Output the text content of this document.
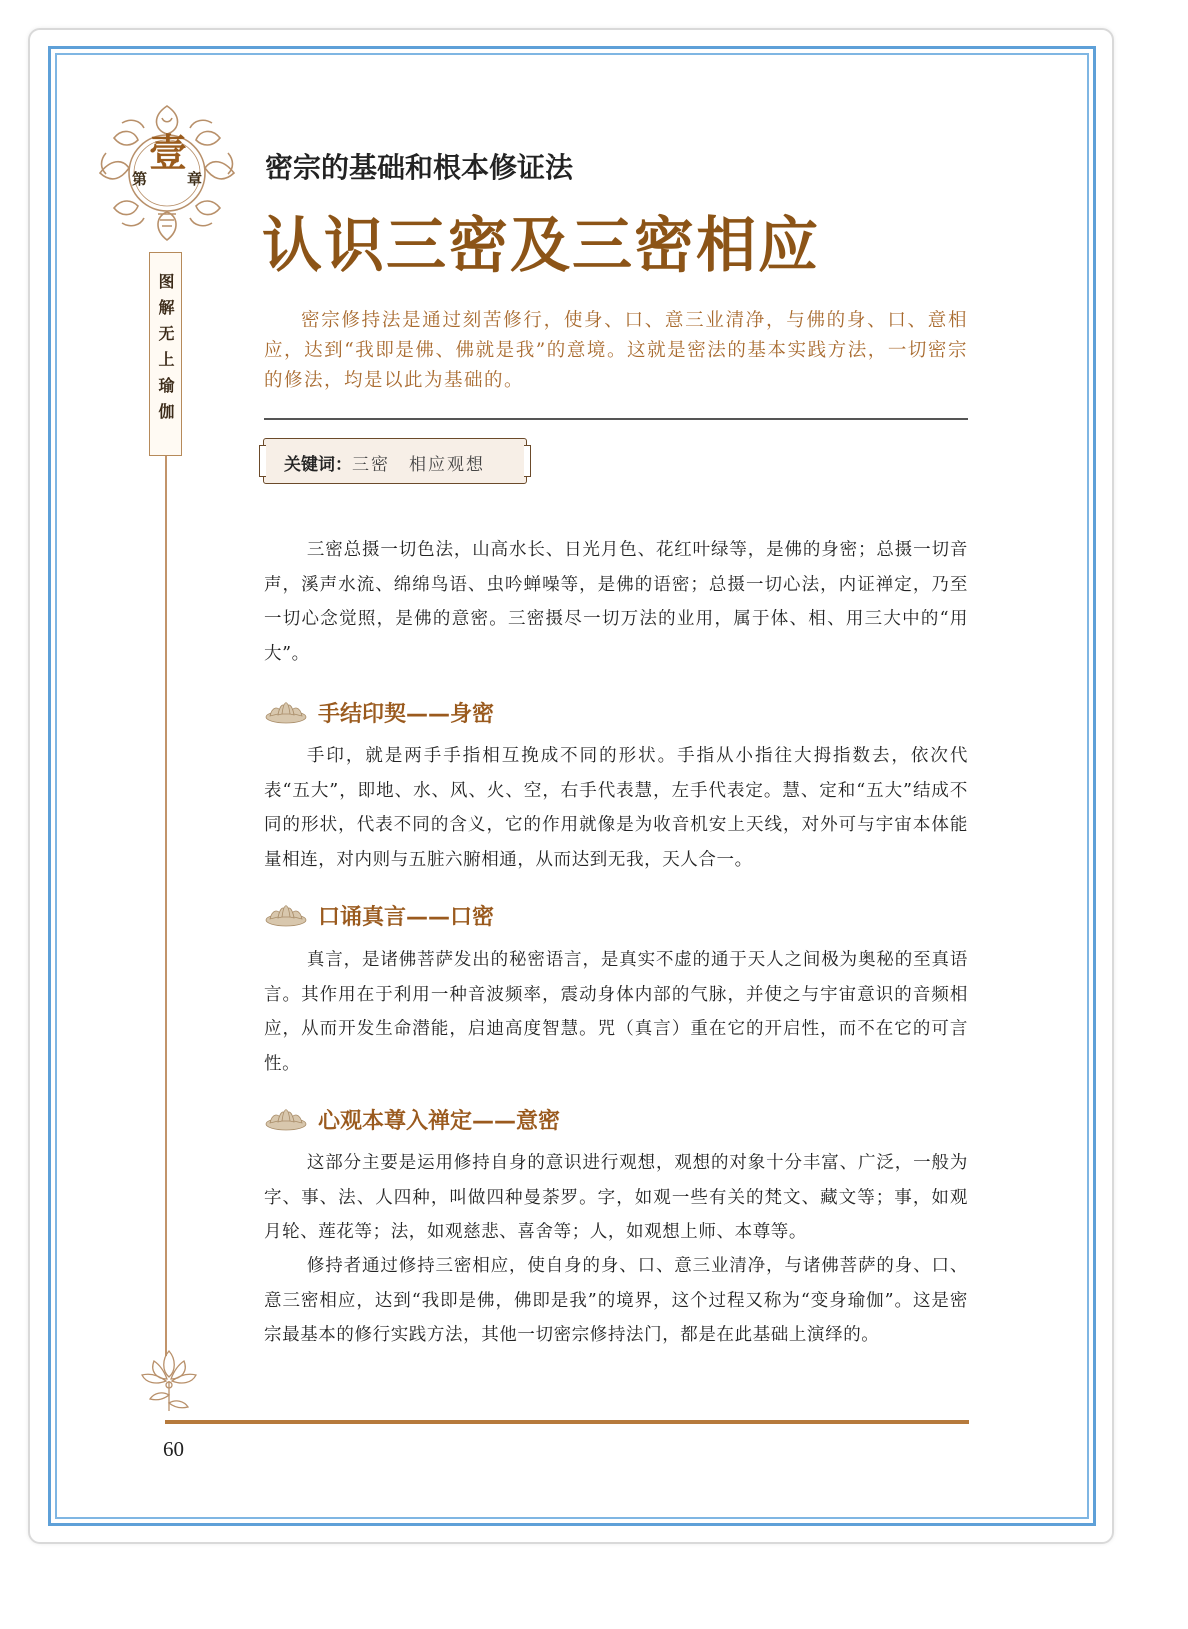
第
壹
章
图解无上瑜伽
密宗的基础和根本修证法
认识三密及三密相应
密宗修持法是通过刻苦修行，使身、口、意三业清净，与佛的身、口、意相应，达到“我即是佛、佛就是我”的意境。这就是密法的基本实践方法，一切密宗的修法，均是以此为基础的。
关键词：三密　相应观想
三密总摄一切色法，山高水长、日光月色、花红叶绿等，是佛的身密；总摄一切音声，溪声水流、绵绵鸟语、虫吟蝉噪等，是佛的语密；总摄一切心法，内证禅定，乃至一切心念觉照，是佛的意密。三密摄尽一切万法的业用，属于体、相、用三大中的“用大”。
手结印契——身密
手印，就是两手手指相互挽成不同的形状。手指从小指往大拇指数去，依次代表“五大”，即地、水、风、火、空，右手代表慧，左手代表定。慧、定和“五大”结成不同的形状，代表不同的含义，它的作用就像是为收音机安上天线，对外可与宇宙本体能量相连，对内则与五脏六腑相通，从而达到无我，天人合一。
口诵真言——口密
真言，是诸佛菩萨发出的秘密语言，是真实不虚的通于天人之间极为奥秘的至真语言。其作用在于利用一种音波频率，震动身体内部的气脉，并使之与宇宙意识的音频相应，从而开发生命潜能，启迪高度智慧。咒（真言）重在它的开启性，而不在它的可言性。
心观本尊入禅定——意密
这部分主要是运用修持自身的意识进行观想，观想的对象十分丰富、广泛，一般为字、事、法、人四种，叫做四种曼荼罗。字，如观一些有关的梵文、藏文等；事，如观月轮、莲花等；法，如观慈悲、喜舍等；人，如观想上师、本尊等。
修持者通过修持三密相应，使自身的身、口、意三业清净，与诸佛菩萨的身、口、意三密相应，达到“我即是佛，佛即是我”的境界，这个过程又称为“变身瑜伽”。这是密宗最基本的修行实践方法，其他一切密宗修持法门，都是在此基础上演绎的。
60
